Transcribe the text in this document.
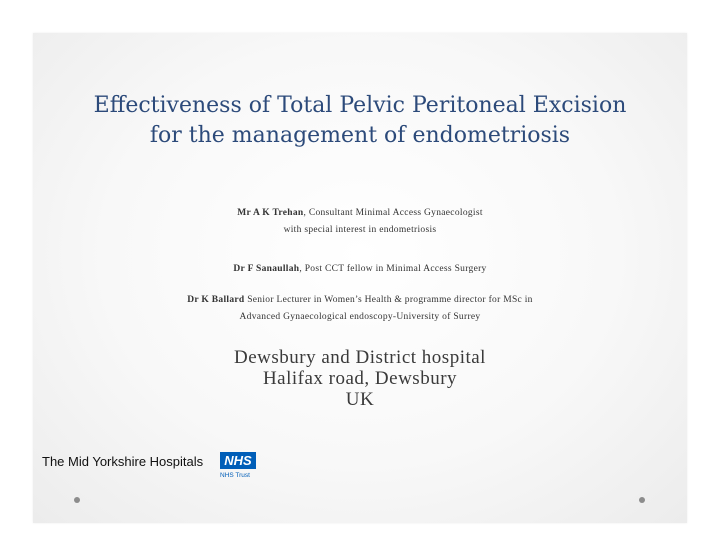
Effectiveness of Total Pelvic Peritoneal Excision
for the management of endometriosis
Mr A K Trehan, Consultant Minimal Access Gynaecologist
with special interest in endometriosis
Dr F Sanaullah, Post CCT fellow in Minimal Access Surgery
Dr K Ballard Senior Lecturer in Women’s Health & programme director for MSc in
Advanced Gynaecological endoscopy-University of Surrey
Dewsbury and District hospital
Halifax road, Dewsbury
UK
The Mid Yorkshire Hospitals	NHS
NHS Trust
